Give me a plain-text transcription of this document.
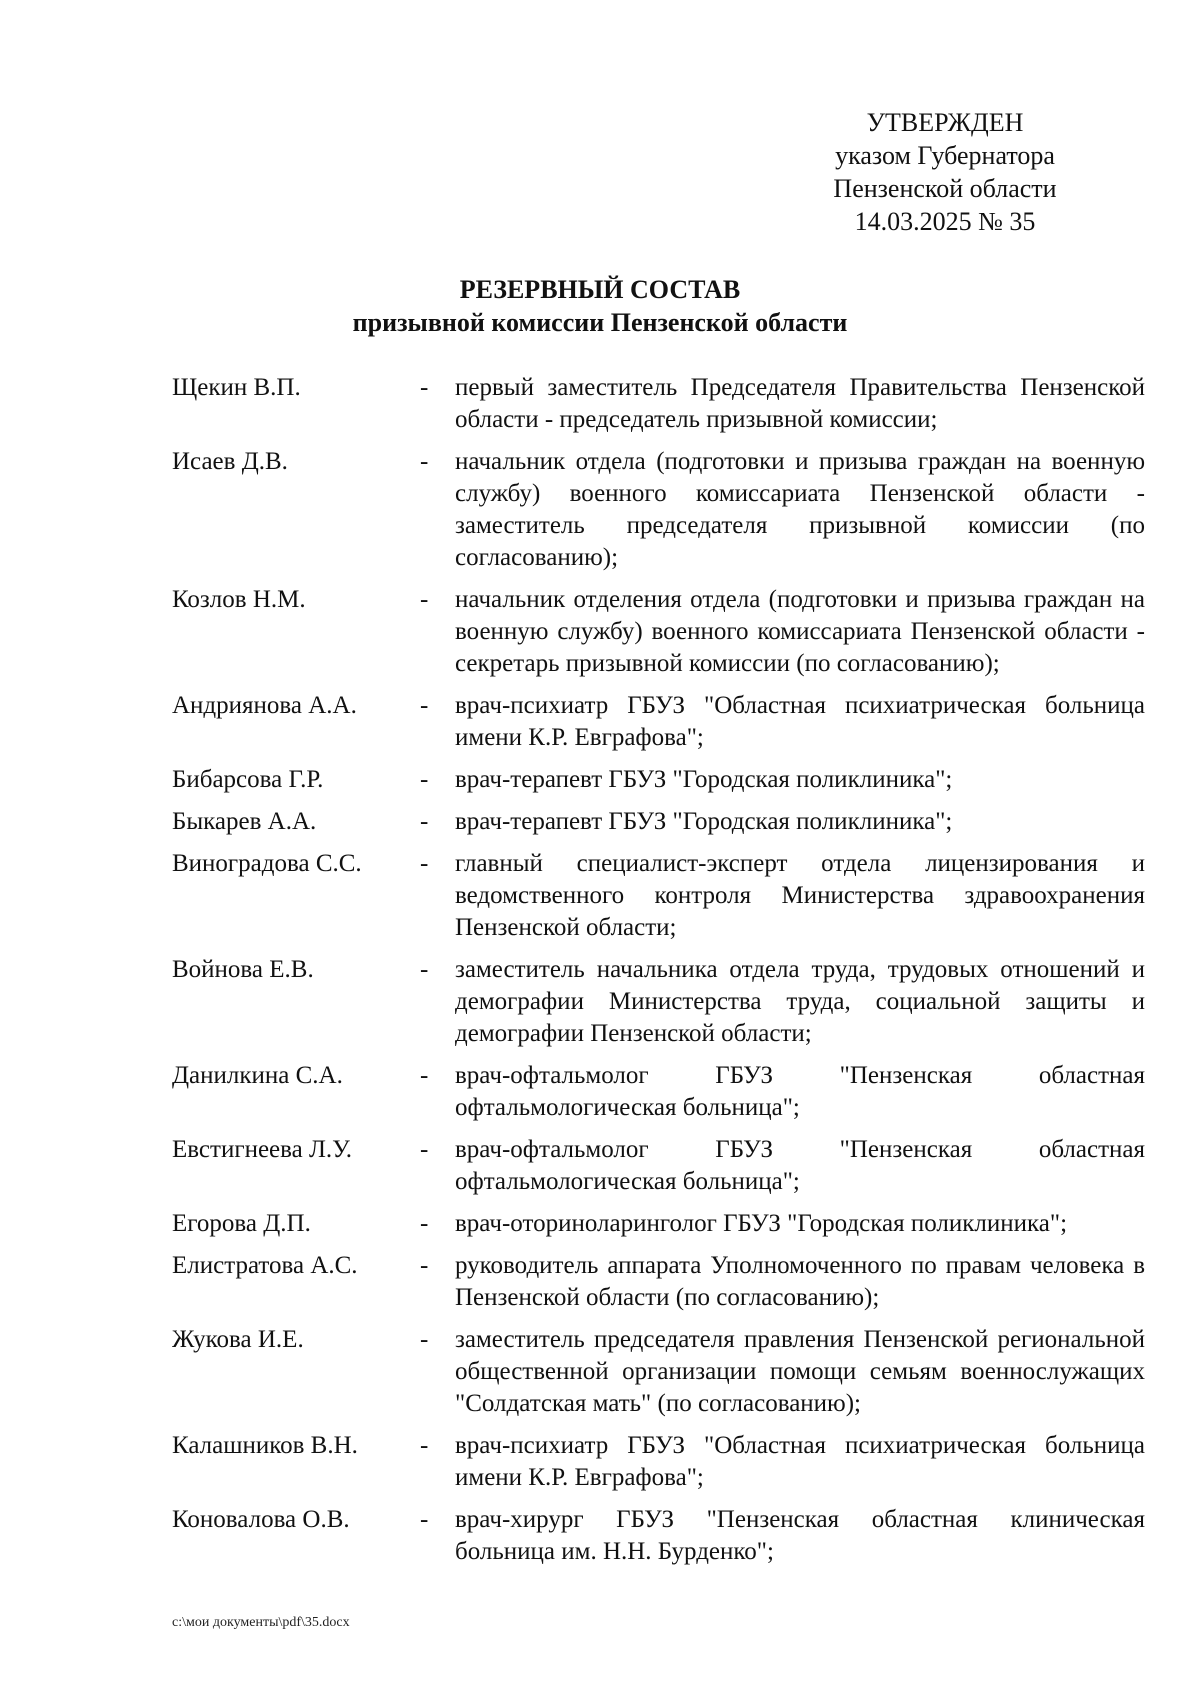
УТВЕРЖДЕН
указом Губернатора
Пензенской области
14.03.2025 № 35
РЕЗЕРВНЫЙ СОСТАВ
призывной комиссии Пензенской области
Щекин В.П.	-	первый заместитель Председателя Правительства Пензенской области - председатель призывной комиссии;
Исаев Д.В.	-	начальник отдела (подготовки и призыва граждан на военную службу) военного комиссариата Пензенской области - заместитель председателя призывной комиссии (по согласованию);
Козлов Н.М.	-	начальник отделения отдела (подготовки и призыва граждан на военную службу) военного комиссариата Пензенской области - секретарь призывной комиссии (по согласованию);
Андриянова А.А.	-	врач-психиатр ГБУЗ "Областная психиатрическая больница имени К.Р. Евграфова";
Бибарсова Г.Р.	-	врач-терапевт ГБУЗ "Городская поликлиника";
Быкарев А.А.	-	врач-терапевт ГБУЗ "Городская поликлиника";
Виноградова С.С.	-	главный специалист-эксперт отдела лицензирования и ведомственного контроля Министерства здравоохранения Пензенской области;
Войнова Е.В.	-	заместитель начальника отдела труда, трудовых отношений и демографии Министерства труда, социальной защиты и демографии Пензенской области;
Данилкина С.А.	-	врач-офтальмолог ГБУЗ "Пензенская областная офтальмологическая больница";
Евстигнеева Л.У.	-	врач-офтальмолог ГБУЗ "Пензенская областная офтальмологическая больница";
Егорова Д.П.	-	врач-оториноларинголог ГБУЗ "Городская поликлиника";
Елистратова А.С.	-	руководитель аппарата Уполномоченного по правам человека в Пензенской области (по согласованию);
Жукова И.Е.	-	заместитель председателя правления Пензенской региональной общественной организации помощи семьям военнослужащих "Солдатская мать" (по согласованию);
Калашников В.Н.	-	врач-психиатр ГБУЗ "Областная психиатрическая больница имени К.Р. Евграфова";
Коновалова О.В.	-	врач-хирург ГБУЗ "Пензенская областная клиническая больница им. Н.Н. Бурденко";
c:\мои документы\pdf\35.docx
